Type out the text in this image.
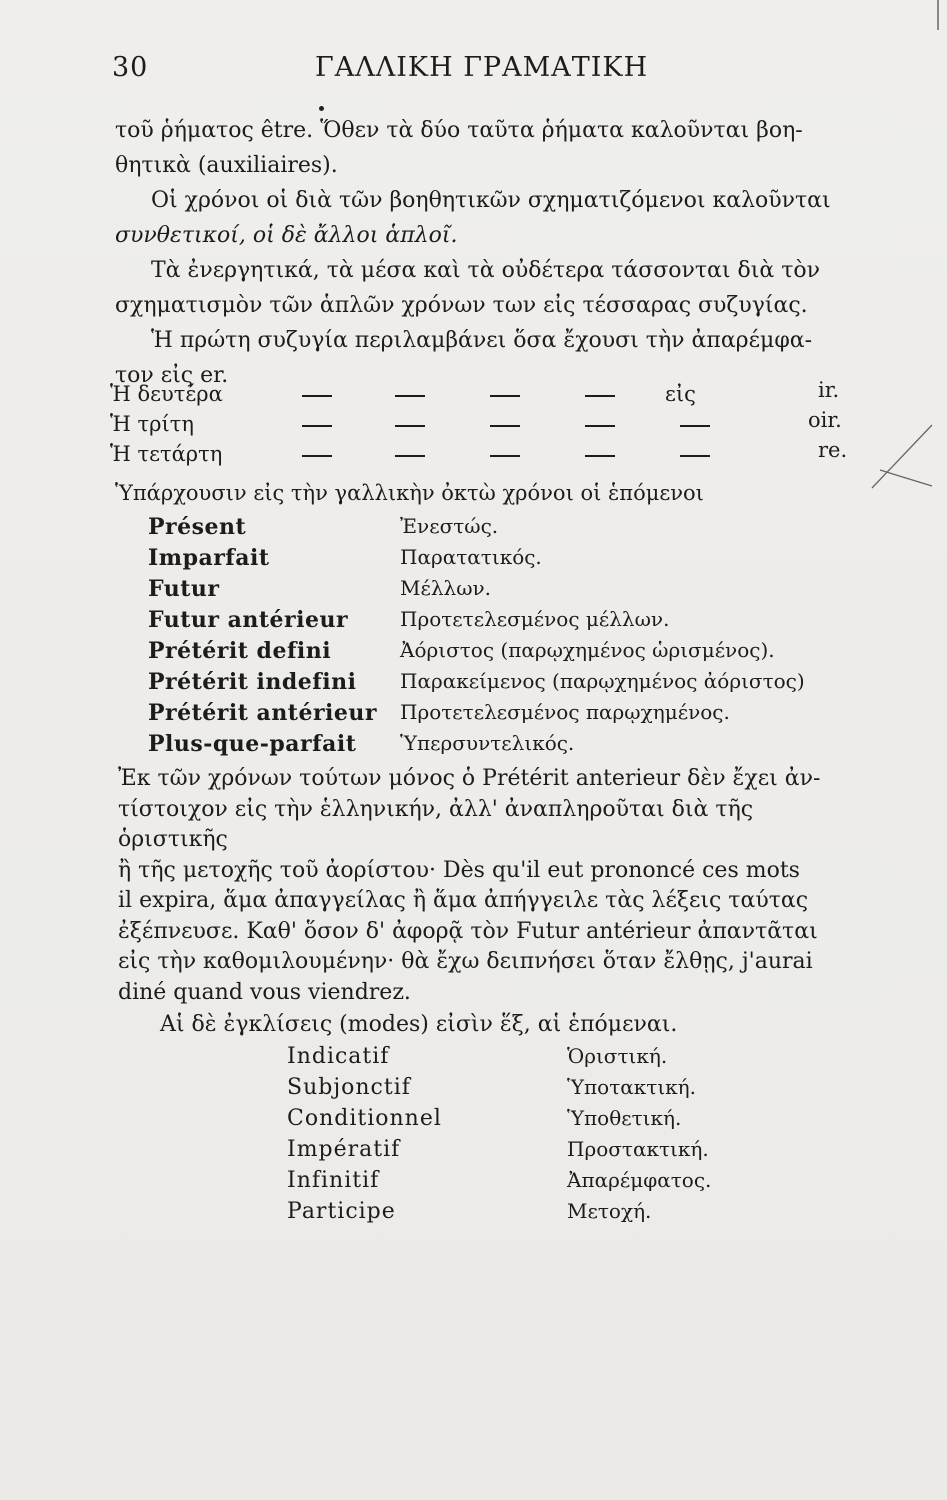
30	ΓΑΛΛΙΚΗ ΓΡΑΜΑΤΙΚΗ

τοῦ ῥήματος être. Ὅθεν τὰ δύο ταῦτα ῥήματα καλοῦνται βοη-

θητικὰ (auxiliaires).

Οἱ χρόνοι οἱ διὰ τῶν βοηθητικῶν σχηματιζόμενοι καλοῦνται

συνθετικοί, οἱ δὲ ἄλλοι ἁπλοῖ.

Τὰ ἐνεργητικά, τὰ μέσα καὶ τὰ οὐδέτερα τάσσονται διὰ τὸν

σχηματισμὸν τῶν ἁπλῶν χρόνων των εἰς τέσσαρας συζυγίας.

Ἡ πρώτη συζυγία περιλαμβάνει ὅσα ἔχουσι τὴν ἀπαρέμφα-

τον εἰς er.

Ἡ δευτέρα	εἰς	ir.
Ἡ τρίτη	oir.
Ἡ τετάρτη	re.
Ὑπάρχουσιν εἰς τὴν γαλλικὴν ὀκτὼ χρόνοι οἱ ἑπόμενοι
Présent	Ἐνεστώς.
Imparfait	Παρατατικός.
Futur	Μέλλων.
Futur antérieur	Προτετελεσμένος μέλλων.
Prétérit defini	Ἀόριστος (παρῳχημένος ὡρισμένος).
Prétérit indefini Παρακείμενος (παρῳχημένος ἀόριστος)
Prétérit antérieur Προτετελεσμένος παρῳχημένος.
Plus-que-parfait Ὑπερσυντελικός.

Ἐκ τῶν χρόνων τούτων μόνος ὁ Prétérit anterieur δὲν ἔχει ἀν-

τίστοιχον εἰς τὴν ἑλληνικήν, ἀλλ' ἀναπληροῦται διὰ τῆς ὁριστικῆς

ἢ τῆς μετοχῆς τοῦ ἀορίστου· Dès qu'il eut prononcé ces mots

il expira, ἅμα ἀπαγγείλας ἢ ἅμα ἀπήγγειλε τὰς λέξεις ταύτας

ἐξέπνευσε. Καθ' ὅσον δ' ἀφορᾷ τὸν Futur antérieur ἀπαντᾶται

εἰς τὴν καθομιλουμένην· θὰ ἔχω δειπνήσει ὅταν ἔλθῃς, j'aurai

diné quand vous viendrez.

Αἱ δὲ ἐγκλίσεις (modes) εἰσὶν ἕξ, αἱ ἑπόμεναι.
Indicatif	Ὁριστική.
Subjonctif	Ὑποτακτική.
Conditionnel	Ὑποθετική.
Impératif	Προστακτική.
Infinitif	Ἀπαρέμφατος.
Participe	Μετοχή.
